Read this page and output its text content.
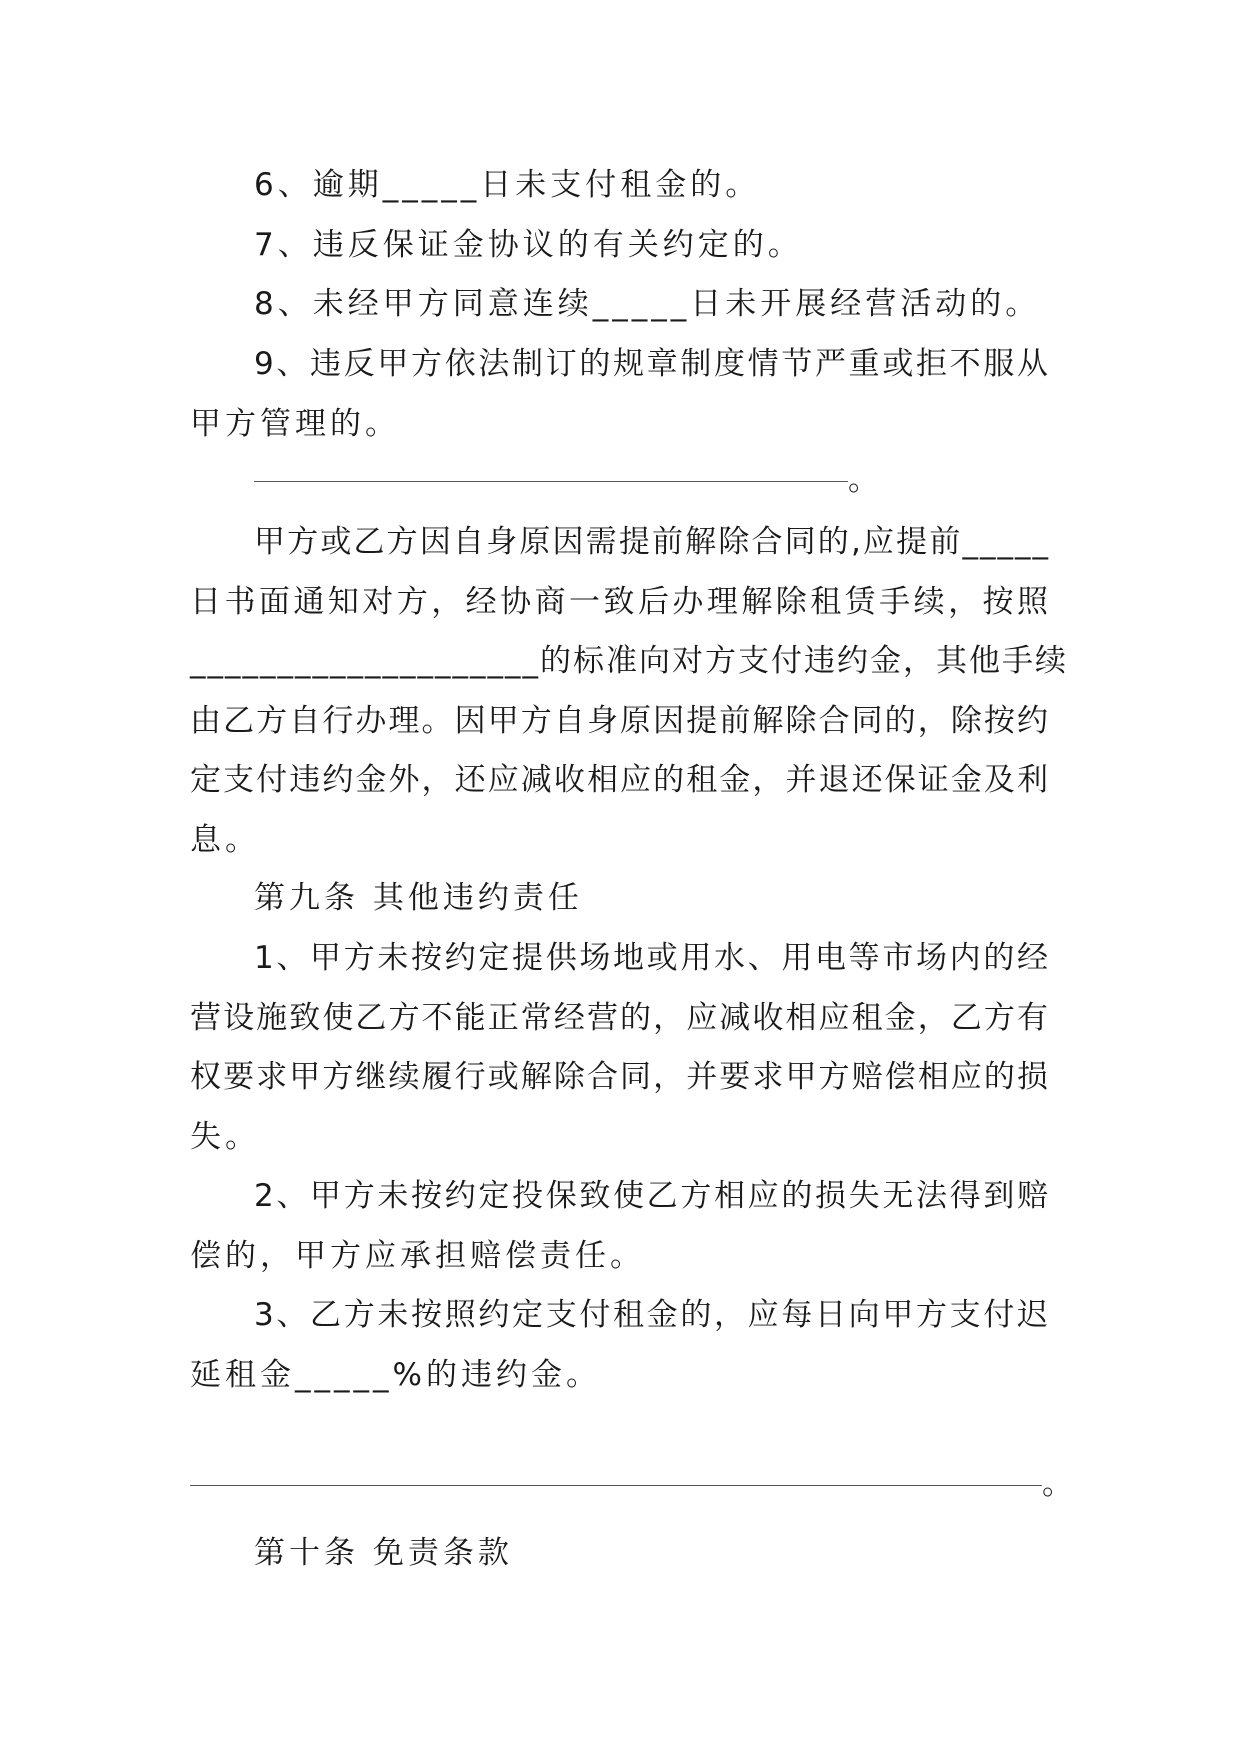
6、逾期_____日未支付租金的。
7、违反保证金协议的有关约定的。
8、未经甲方同意连续_____日未开展经营活动的。
9、违反甲方依法制订的规章制度情节严重或拒不服从
甲方管理的。
。
甲方或乙方因自身原因需提前解除合同的,应提前_____
日书面通知对方，经协商一致后办理解除租赁手续，按照
____________________的标准向对方支付违约金，其他手续
由乙方自行办理。因甲方自身原因提前解除合同的，除按约
定支付违约金外，还应减收相应的租金，并退还保证金及利
息。
第九条 其他违约责任
1、甲方未按约定提供场地或用水、用电等市场内的经
营设施致使乙方不能正常经营的，应减收相应租金，乙方有
权要求甲方继续履行或解除合同，并要求甲方赔偿相应的损
失。
2、甲方未按约定投保致使乙方相应的损失无法得到赔
偿的，甲方应承担赔偿责任。
3、乙方未按照约定支付租金的，应每日向甲方支付迟
延租金_____%的违约金。
。
第十条 免责条款
